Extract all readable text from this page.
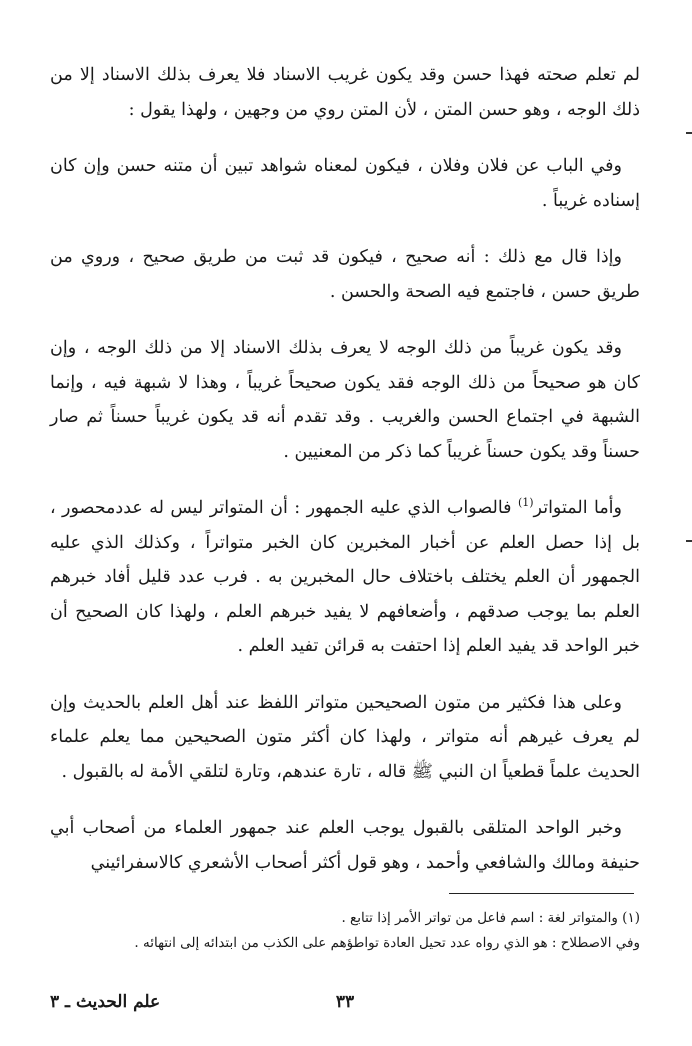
لم تعلم صحته فهذا حسن وقد يكون غريب الاسناد فلا يعرف بذلك الاسناد إلا من ذلك الوجه ، وهو حسن المتن ، لأن المتن روي من وجهين ، ولهذا يقول :

وفي الباب عن فلان وفلان ، فيكون لمعناه شواهد تبين أن متنه حسن وإن كان إسناده غريباً .

وإذا قال مع ذلك : أنه صحيح ، فيكون قد ثبت من طريق صحيح ، وروي من طريق حسن ، فاجتمع فيه الصحة والحسن .

وقد يكون غريباً من ذلك الوجه لا يعرف بذلك الاسناد إلا من ذلك الوجه ، وإن كان هو صحيحاً من ذلك الوجه فقد يكون صحيحاً غريباً ، وهذا لا شبهة فيه ، وإنما الشبهة في اجتماع الحسن والغريب . وقد تقدم أنه قد يكون غريباً حسناً ثم صار حسناً وقد يكون حسناً غريباً كما ذكر من المعنيين .

وأما المتواتر$^{(1)}$ فالصواب الذي عليه الجمهور : أن المتواتر ليس له عددمحصور ، بل إذا حصل العلم عن أخبار المخبرين كان الخبر متواتراً ، وكذلك الذي عليه الجمهور أن العلم يختلف باختلاف حال المخبرين به . فرب عدد قليل أفاد خبرهم العلم بما يوجب صدقهم ، وأضعافهم لا يفيد خبرهم العلم ، ولهذا كان الصحيح أن خبر الواحد قد يفيد العلم إذا احتفت به قرائن تفيد العلم .

وعلى هذا فكثير من متون الصحيحين متواتر اللفظ عند أهل العلم بالحديث وإن لم يعرف غيرهم أنه متواتر ، ولهذا كان أكثر متون الصحيحين مما يعلم علماء الحديث علماً قطعياً ان النبي ﷺ قاله ، تارة عندهم، وتارة لتلقي الأمة له بالقبول .

وخبر الواحد المتلقى بالقبول يوجب العلم عند جمهور العلماء من أصحاب أبي حنيفة ومالك والشافعي وأحمد ، وهو قول أكثر أصحاب الأشعري كالاسفرائيني

(١) والمتواتر لغة : اسم فاعل من تواتر الأمر إذا تتابع .

وفي الاصطلاح : هو الذي رواه عدد تحيل العادة تواطؤهم على الكذب من ابتدائه إلى انتهائه .

٣٣
علم الحديث ـ ٣
